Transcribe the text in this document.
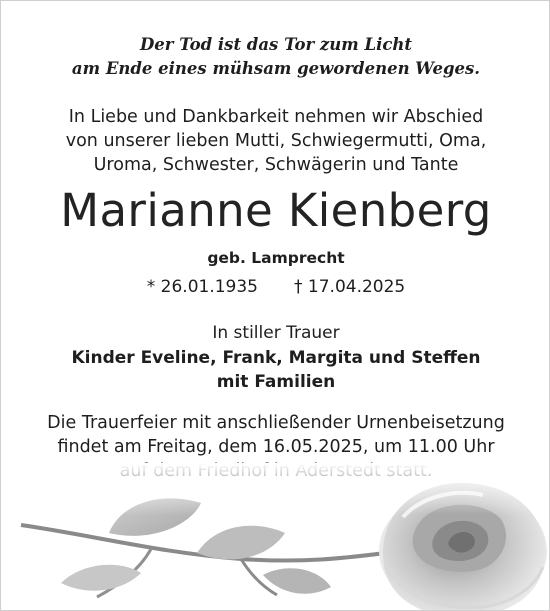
Der Tod ist das Tor zum Licht
am Ende eines mühsam gewordenen Weges.
In Liebe und Dankbarkeit nehmen wir Abschied
von unserer lieben Mutti, Schwiegermutti, Oma,
Uroma, Schwester, Schwägerin und Tante
Marianne Kienberg
geb. Lamprecht
* 26.01.1935 † 17.04.2025
In stiller Trauer
Kinder Eveline, Frank, Margita und Steffen
mit Familien
Die Trauerfeier mit anschließender Urnenbeisetzung
findet am Freitag, dem 16.05.2025, um 11.00 Uhr
